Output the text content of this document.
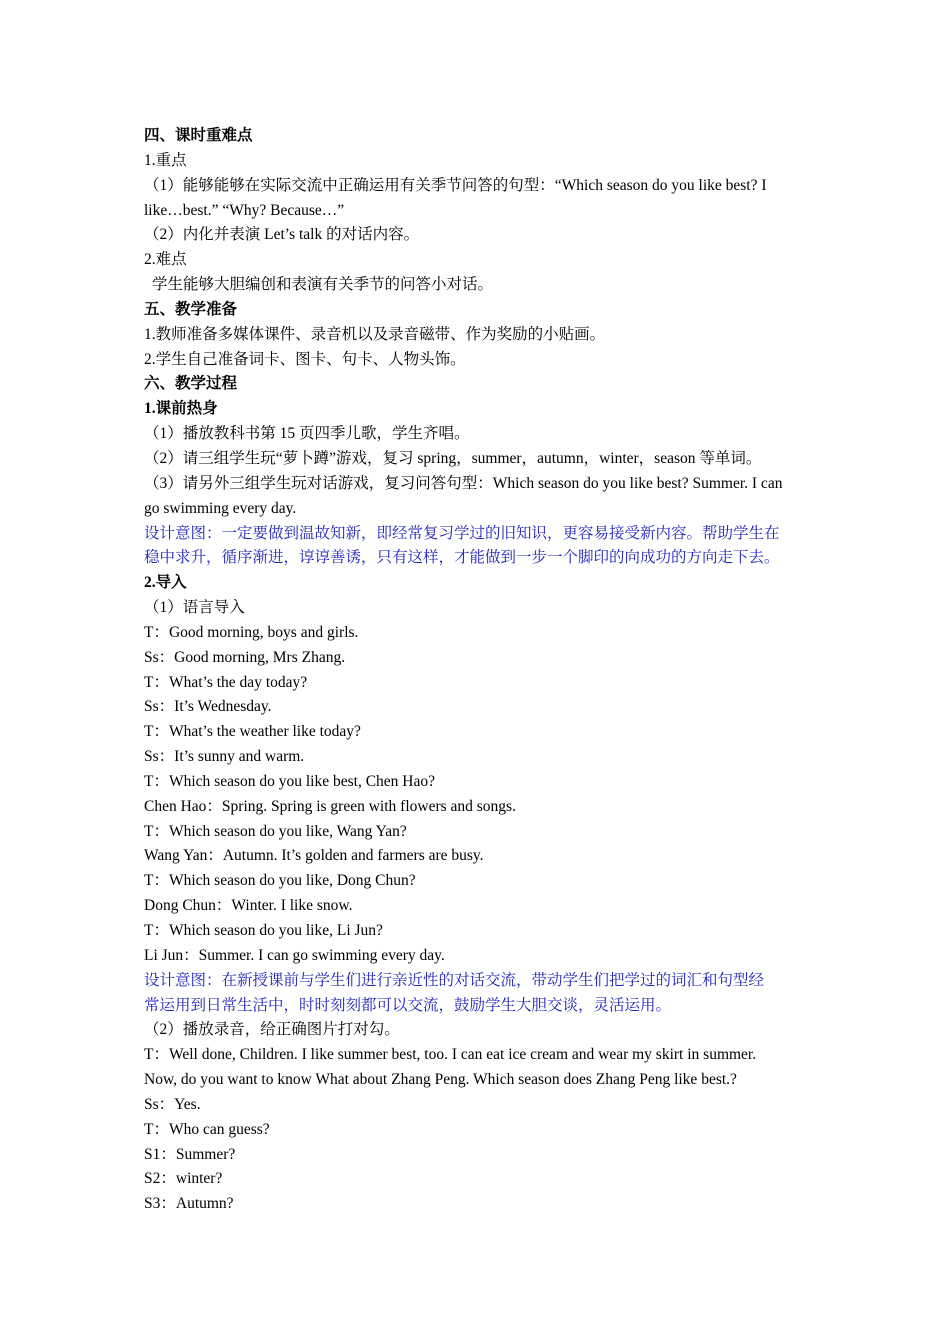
四、课时重难点
1.重点
（1）能够能够在实际交流中正确运用有关季节问答的句型：“Which season do you like best? I
like…best.” “Why? Because…”
（2）内化并表演 Let’s talk 的对话内容。
2.难点
学生能够大胆编创和表演有关季节的问答小对话。
五、教学准备
1.教师准备多媒体课件、录音机以及录音磁带、作为奖励的小贴画。
2.学生自己准备词卡、图卡、句卡、人物头饰。
六、教学过程
1.课前热身
（1）播放教科书第 15 页四季儿歌，学生齐唱。
（2）请三组学生玩“萝卜蹲”游戏，复习 spring，summer，autumn，winter，season 等单词。
（3）请另外三组学生玩对话游戏，复习问答句型：Which season do you like best? Summer. I can
go swimming every day.
设计意图：一定要做到温故知新，即经常复习学过的旧知识，更容易接受新内容。帮助学生在
稳中求升，循序渐进，谆谆善诱，只有这样，才能做到一步一个脚印的向成功的方向走下去。
2.导入
（1）语言导入
T：Good morning, boys and girls.
Ss：Good morning, Mrs Zhang.
T：What’s the day today?
Ss：It’s Wednesday.
T：What’s the weather like today?
Ss：It’s sunny and warm.
T：Which season do you like best, Chen Hao?
Chen Hao：Spring. Spring is green with flowers and songs.
T：Which season do you like, Wang Yan?
Wang Yan：Autumn. It’s golden and farmers are busy.
T：Which season do you like, Dong Chun?
Dong Chun：Winter. I like snow.
T：Which season do you like, Li Jun?
Li Jun：Summer. I can go swimming every day.
设计意图：在新授课前与学生们进行亲近性的对话交流，带动学生们把学过的词汇和句型经
常运用到日常生活中，时时刻刻都可以交流，鼓励学生大胆交谈，灵活运用。
（2）播放录音，给正确图片打对勾。
T：Well done, Children. I like summer best, too. I can eat ice cream and wear my skirt in summer.
Now, do you want to know What about Zhang Peng. Which season does Zhang Peng like best.?
Ss：Yes.
T：Who can guess?
S1：Summer?
S2：winter?
S3：Autumn?
